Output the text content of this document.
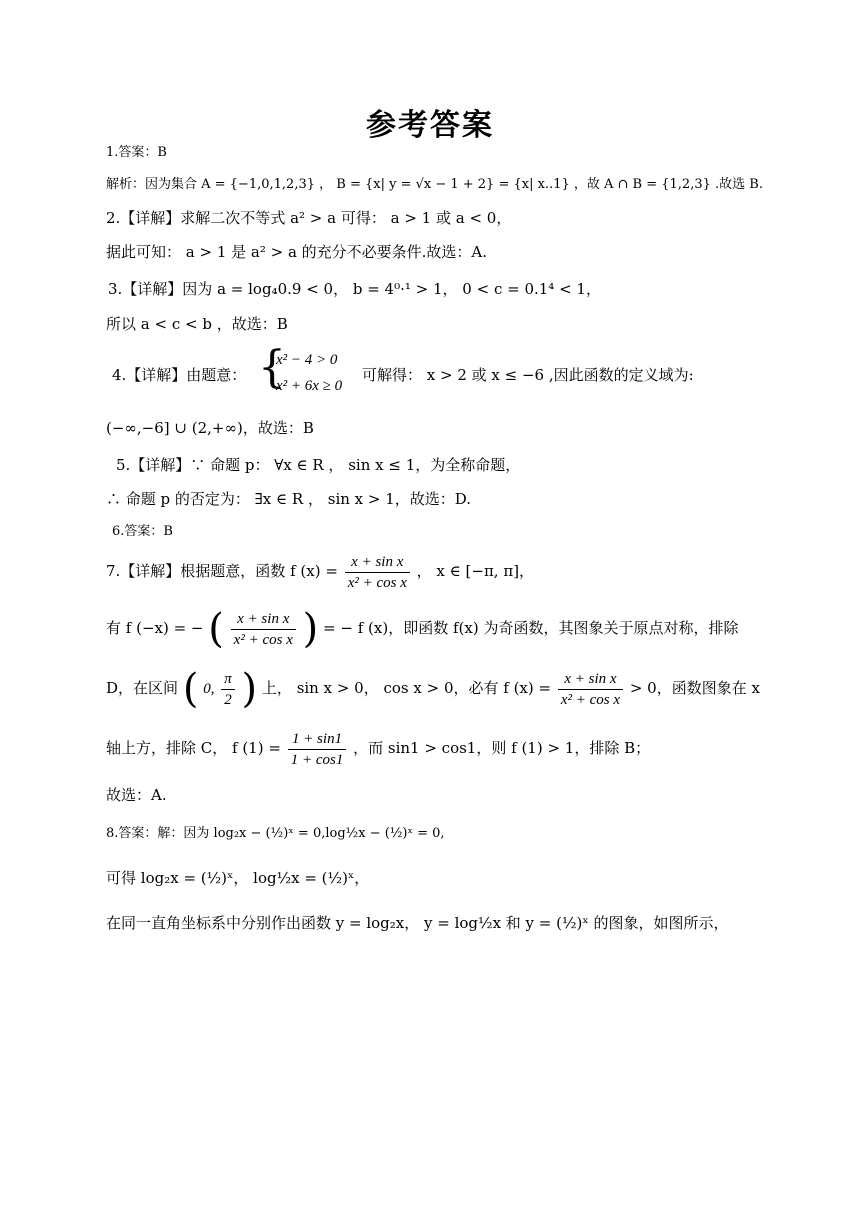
参考答案
1.答案：B
解析：因为集合 A = {−1,0,1,2,3} ， B = {x| y = √x − 1 + 2} = {x| x..1} ，故 A ∩ B = {1,2,3} .故选 B.
2.【详解】求解二次不等式 a² > a 可得： a > 1 或 a < 0，
据此可知： a > 1 是 a² > a 的充分不必要条件.故选：A.
3.【详解】因为 a = log₄0.9 < 0， b = 4⁰·¹ > 1， 0 < c = 0.1⁴ < 1，
所以 a < c < b ，故选：B
4.【详解】由题意： {
x² − 4 > 0
x² + 6x ≥ 0
可解得： x > 2 或 x ≤ −6 ,因此函数的定义域为:
(−∞,−6] ∪ (2,+∞)，故选：B
5.【详解】∵ 命题 p： ∀x ∈ R ， sin x ≤ 1，为全称命题，
∴ 命题 p 的否定为： ∃x ∈ R ， sin x > 1，故选：D.
6.答案：B
7.【详解】根据题意，函数 f $(x) = \frac{\text{x + sin x}}{\text{x² + cos x}}$ ， x ∈ [−π, π]，
有 f (−x) = − ( $\frac{\text{x + sin x}}{\text{x² + cos x}}$ ) = − f (x)，即函数 f(x) 为奇函数，其图象关于原点对称，排除
D，在区间 ( 0, $\frac{\pi}{2}$ ) 上， sin x > 0， cos x > 0，必有 f $(x) = \frac{\text{x + sin x}}{\text{x² + cos x}} > 0$，函数图象在 x
轴上方，排除 C， f $(1) = \frac{1 + \sin 1}{1 + \cos 1}$ ，而 sin1 > cos1，则 f (1) > 1，排除 B；
故选：A.
8.答案：解：因为 log₂x − (½)ˣ = 0,log½x − (½)ˣ = 0,
可得 log₂x = (½)ˣ， log½x = (½)ˣ，
在同一直角坐标系中分别作出函数 y = log₂x， y = log½x 和 y = (½)ˣ 的图象，如图所示，
